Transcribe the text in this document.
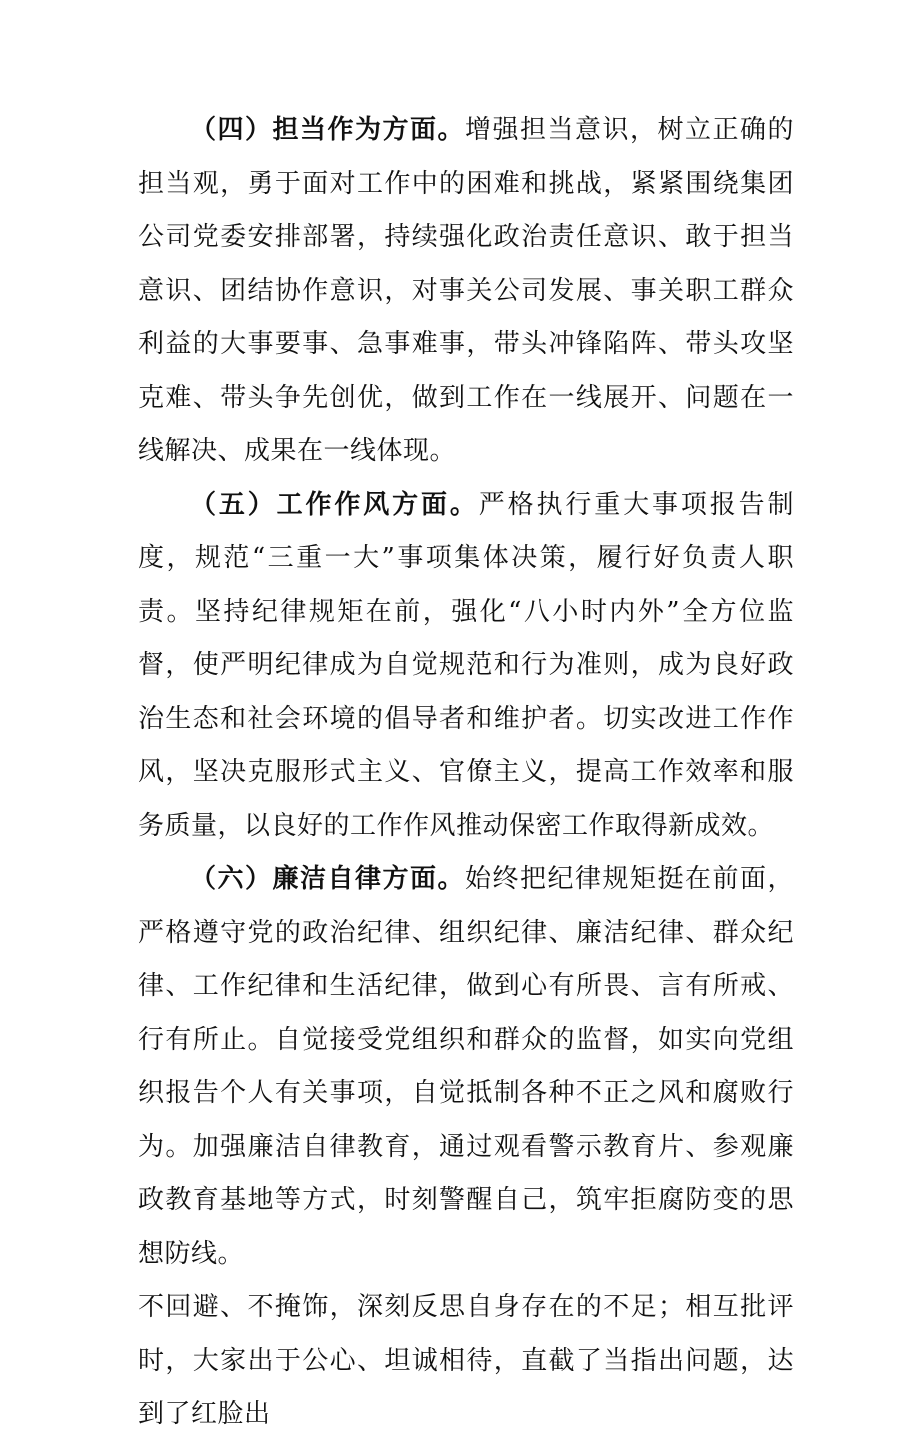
（四）担当作为方面。增强担当意识，树立正确的担当观，勇于面对工作中的困难和挑战，紧紧围绕集团公司党委安排部署，持续强化政治责任意识、敢于担当意识、团结协作意识，对事关公司发展、事关职工群众利益的大事要事、急事难事，带头冲锋陷阵、带头攻坚克难、带头争先创优，做到工作在一线展开、问题在一线解决、成果在一线体现。

（五）工作作风方面。严格执行重大事项报告制度，规范“三重一大”事项集体决策，履行好负责人职责。坚持纪律规矩在前，强化“八小时内外”全方位监督，使严明纪律成为自觉规范和行为准则，成为良好政治生态和社会环境的倡导者和维护者。切实改进工作作风，坚决克服形式主义、官僚主义，提高工作效率和服务质量，以良好的工作作风推动保密工作取得新成效。

（六）廉洁自律方面。始终把纪律规矩挺在前面，严格遵守党的政治纪律、组织纪律、廉洁纪律、群众纪律、工作纪律和生活纪律，做到心有所畏、言有所戒、行有所止。自觉接受党组织和群众的监督，如实向党组织报告个人有关事项，自觉抵制各种不正之风和腐败行为。加强廉洁自律教育，通过观看警示教育片、参观廉政教育基地等方式，时刻警醒自己，筑牢拒腐防变的思想防线。

不回避、不掩饰，深刻反思自身存在的不足；相互批评时，大家出于公心、坦诚相待，直截了当指出问题，达到了红脸出
